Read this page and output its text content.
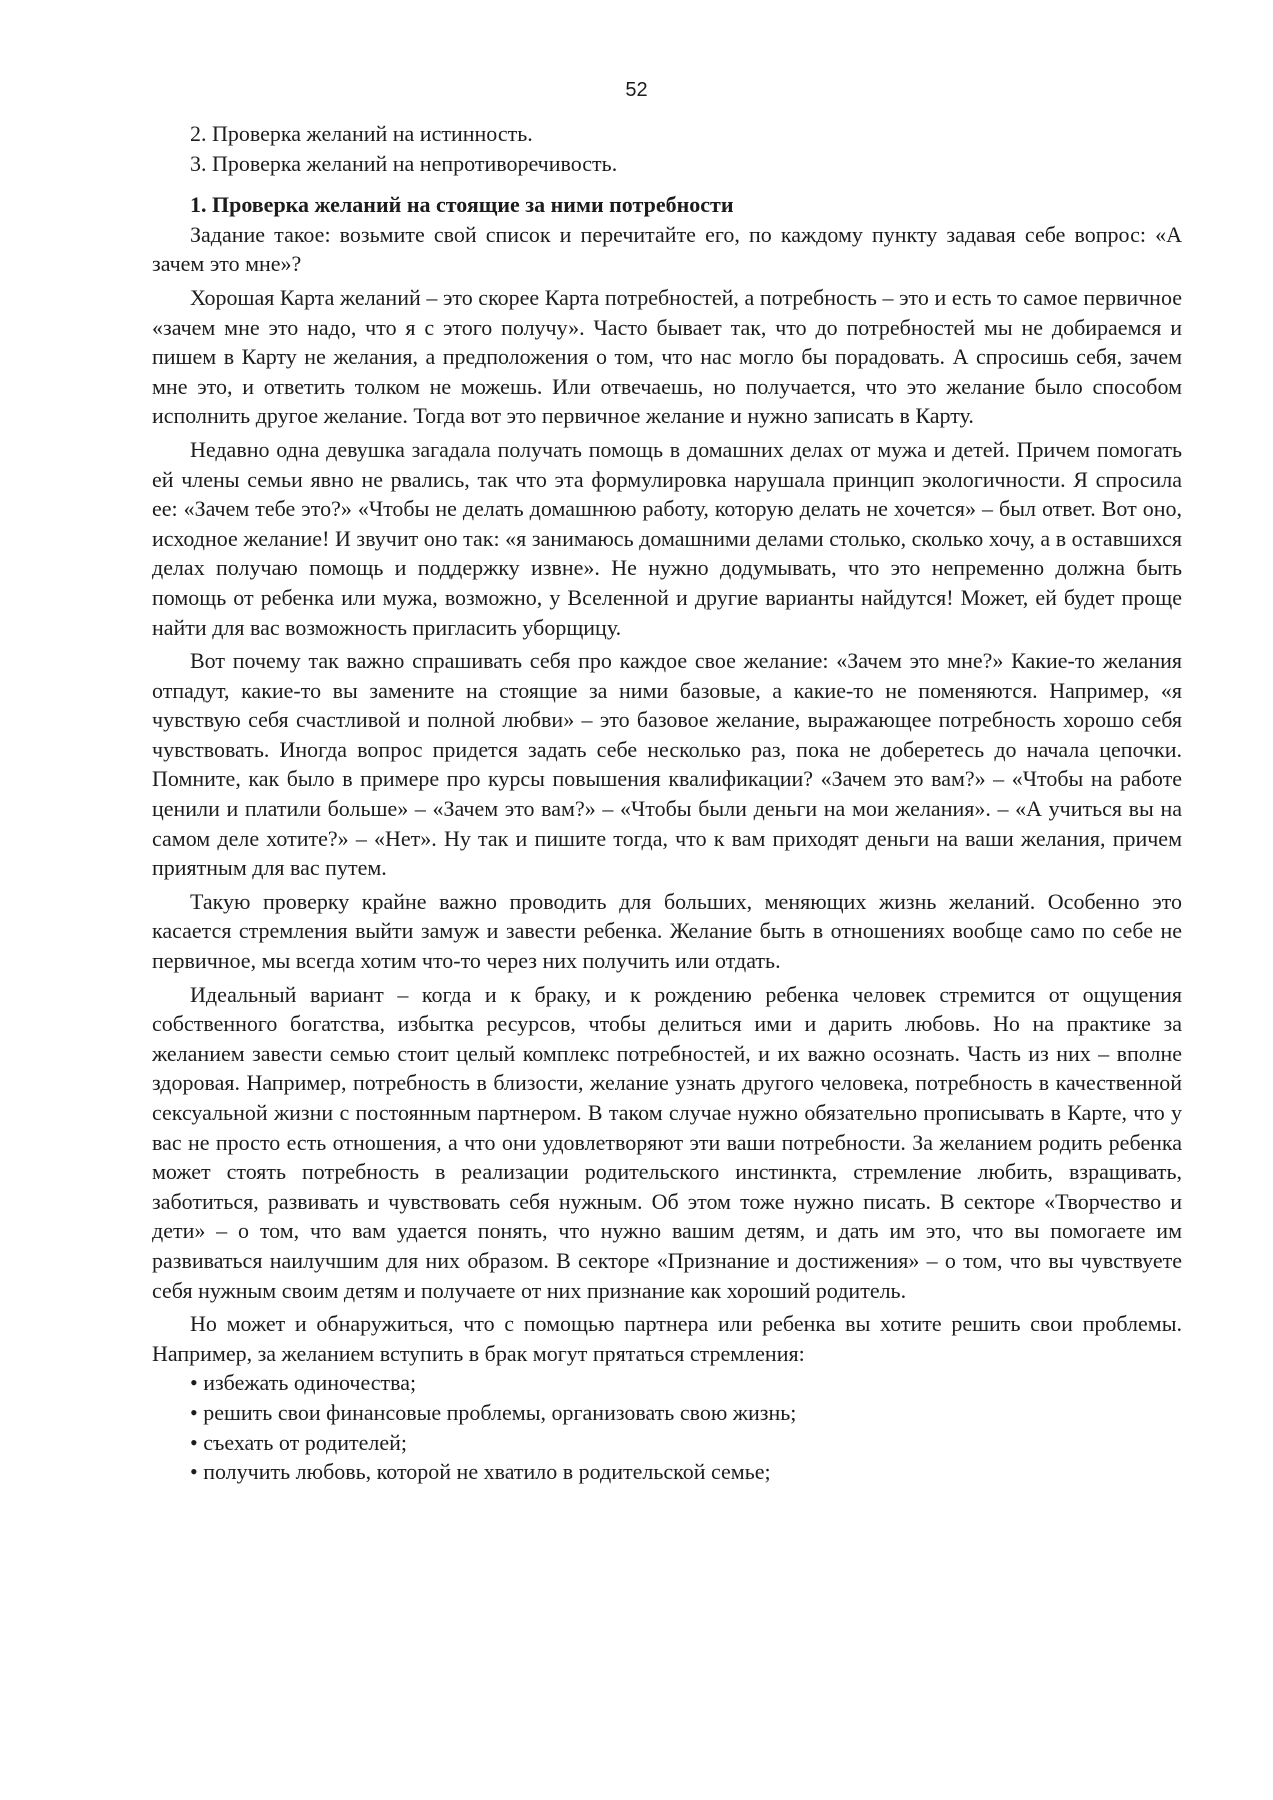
52

2. Проверка желаний на истинность.

3. Проверка желаний на непротиворечивость.

1. Проверка желаний на стоящие за ними потребности

Задание такое: возьмите свой список и перечитайте его, по каждому пункту задавая себе вопрос: «А зачем это мне»?

Хорошая Карта желаний – это скорее Карта потребностей, а потребность – это и есть то самое первичное «зачем мне это надо, что я с этого получу». Часто бывает так, что до потребностей мы не добираемся и пишем в Карту не желания, а предположения о том, что нас могло бы порадовать. А спросишь себя, зачем мне это, и ответить толком не можешь. Или отвечаешь, но получается, что это желание было способом исполнить другое желание. Тогда вот это первичное желание и нужно записать в Карту.

Недавно одна девушка загадала получать помощь в домашних делах от мужа и детей. Причем помогать ей члены семьи явно не рвались, так что эта формулировка нарушала принцип экологичности. Я спросила ее: «Зачем тебе это?» «Чтобы не делать домашнюю работу, которую делать не хочется» – был ответ. Вот оно, исходное желание! И звучит оно так: «я занимаюсь домашними делами столько, сколько хочу, а в оставшихся делах получаю помощь и поддержку извне». Не нужно додумывать, что это непременно должна быть помощь от ребенка или мужа, возможно, у Вселенной и другие варианты найдутся! Может, ей будет проще найти для вас возможность пригласить уборщицу.

Вот почему так важно спрашивать себя про каждое свое желание: «Зачем это мне?» Какие-то желания отпадут, какие-то вы замените на стоящие за ними базовые, а какие-то не поменяются. Например, «я чувствую себя счастливой и полной любви» – это базовое желание, выражающее потребность хорошо себя чувствовать. Иногда вопрос придется задать себе несколько раз, пока не доберетесь до начала цепочки. Помните, как было в примере про курсы повышения квалификации? «Зачем это вам?» – «Чтобы на работе ценили и платили больше» – «Зачем это вам?» – «Чтобы были деньги на мои желания». – «А учиться вы на самом деле хотите?» – «Нет». Ну так и пишите тогда, что к вам приходят деньги на ваши желания, причем приятным для вас путем.

Такую проверку крайне важно проводить для больших, меняющих жизнь желаний. Особенно это касается стремления выйти замуж и завести ребенка. Желание быть в отношениях вообще само по себе не первичное, мы всегда хотим что-то через них получить или отдать.

Идеальный вариант – когда и к браку, и к рождению ребенка человек стремится от ощущения собственного богатства, избытка ресурсов, чтобы делиться ими и дарить любовь. Но на практике за желанием завести семью стоит целый комплекс потребностей, и их важно осознать. Часть из них – вполне здоровая. Например, потребность в близости, желание узнать другого человека, потребность в качественной сексуальной жизни с постоянным партнером. В таком случае нужно обязательно прописывать в Карте, что у вас не просто есть отношения, а что они удовлетворяют эти ваши потребности. За желанием родить ребенка может стоять потребность в реализации родительского инстинкта, стремление любить, взращивать, заботиться, развивать и чувствовать себя нужным. Об этом тоже нужно писать. В секторе «Творчество и дети» – о том, что вам удается понять, что нужно вашим детям, и дать им это, что вы помогаете им развиваться наилучшим для них образом. В секторе «Признание и достижения» – о том, что вы чувствуете себя нужным своим детям и получаете от них признание как хороший родитель.

Но может и обнаружиться, что с помощью партнера или ребенка вы хотите решить свои проблемы. Например, за желанием вступить в брак могут прятаться стремления:

• избежать одиночества;
• решить свои финансовые проблемы, организовать свою жизнь;
• съехать от родителей;
• получить любовь, которой не хватило в родительской семье;
